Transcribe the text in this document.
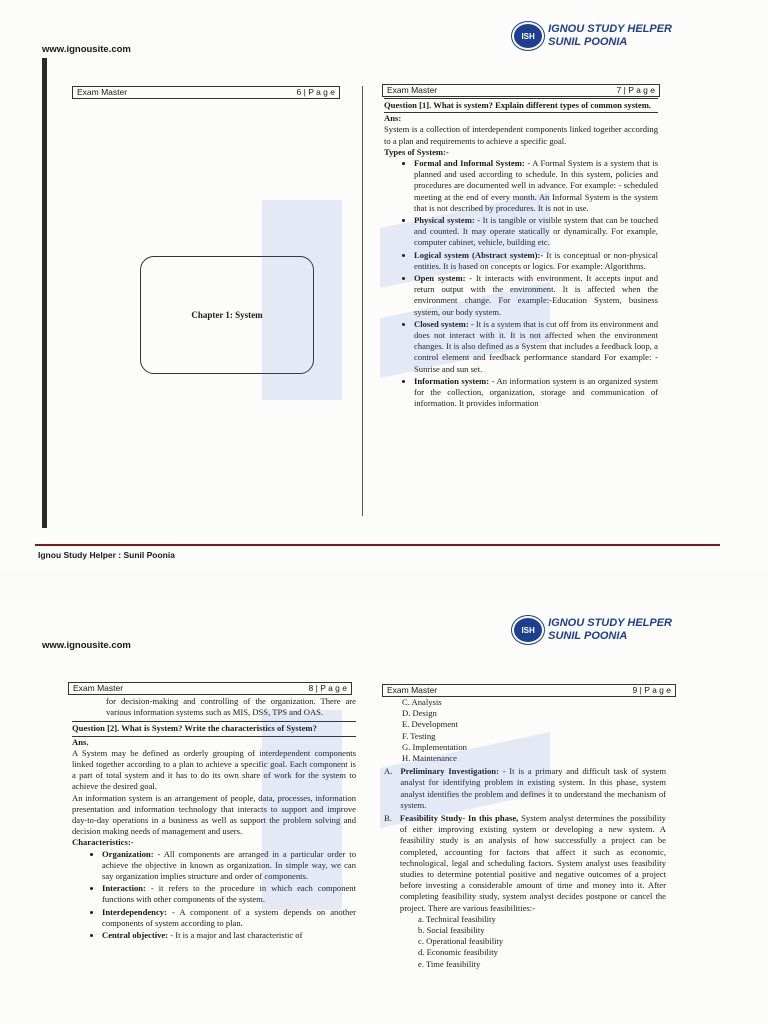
www.ignousite.com
ISH
IGNOU STUDY HELPER
SUNIL POONIA
Exam Master	6 | P a g e	Exam Master	7 | P a g e
Chapter 1: System

Question [1]. What is system? Explain different types of common system.

Ans:

System is a collection of interdependent components linked together according to a plan and requirements to achieve a specific goal.

Types of System:-

• Formal and Informal System: - A Formal System is a system that is planned and used according to schedule. In this system, policies and procedures are documented well in advance. For example: - scheduled meeting at the end of every month. An Informal System is the system that is not described by procedures. It is not in use.
• Physical system: - It is tangible or visible system that can be touched and counted. It may operate statically or dynamically. For example, computer cabinet, vehicle, building etc.
• Logical system (Abstract system):- It is conceptual or non-physical entities. It is based on concepts or logics. For example: Algorithms.
• Open system: - It interacts with environment. It accepts input and return output with the environment. It is affected when the environment change. For example:-Education System, business system, our body system.
• Closed system: - It is a system that is cut off from its environment and does not interact with it. It is not affected when the environment changes. It is also defined as a System that includes a feedback loop, a control element and feedback performance standard For example: - Sunrise and sun set.
• Information system: - An information system is an organized system for the collection, organization, storage and communication of information. It provides information
Ignou Study Helper : Sunil Poonia
www.ignousite.com
ISH
IGNOU STUDY HELPER
SUNIL POONIA
Exam Master	8 | P a g e	Exam Master	9 | P a g e

for decision-making and controlling of the organization. There are various information systems such as MIS, DSS, TPS and OAS.

Question [2]. What is System? Write the characteristics of System?

Ans.

A System may be defined as orderly grouping of interdependent components linked together according to a plan to achieve a specific goal. Each component is a part of total system and it has to do its own share of work for the system to achieve the desired goal.

An information system is an arrangement of people, data, processes, information presentation and information technology that interacts to support and improve day-to-day operations in a business as well as support the problem solving and decision making needs of management and users.

Characteristics:-

• Organization: - All components are arranged in a particular order to achieve the objective in known as organization. In simple way, we can say organization implies structure and order of components.
• Interaction: - it refers to the procedure in which each component functions with other components of the system.
• Interdependency: - A component of a system depends on another components of system according to plan.
• Central objective: - It is a major and last characteristic of

C. Analysis

D. Design

E. Development

F. Testing

G. Implementation

H. Maintenance

A. Preliminary Investigation: - It is a primary and difficult task of system analyst for identifying problem in existing system. In this phase, system analyst identifies the problem and defines it to understand the mechanism of system.

B. Feasibility Study- In this phase, System analyst determines the possibility of either improving existing system or developing a new system. A feasibility study is an analysis of how successfully a project can be completed, accounting for factors that affect it such as economic, technological, legal and scheduling factors. System analyst uses feasibility studies to determine potential positive and negative outcomes of a project before investing a considerable amount of time and money into it. After completing feasibility study, system analyst decides postpone or cancel the project. There are various feasibilities:-

a. Technical feasibility

b. Social feasibility

c. Operational feasibility

d. Economic feasibility

e. Time feasibility
